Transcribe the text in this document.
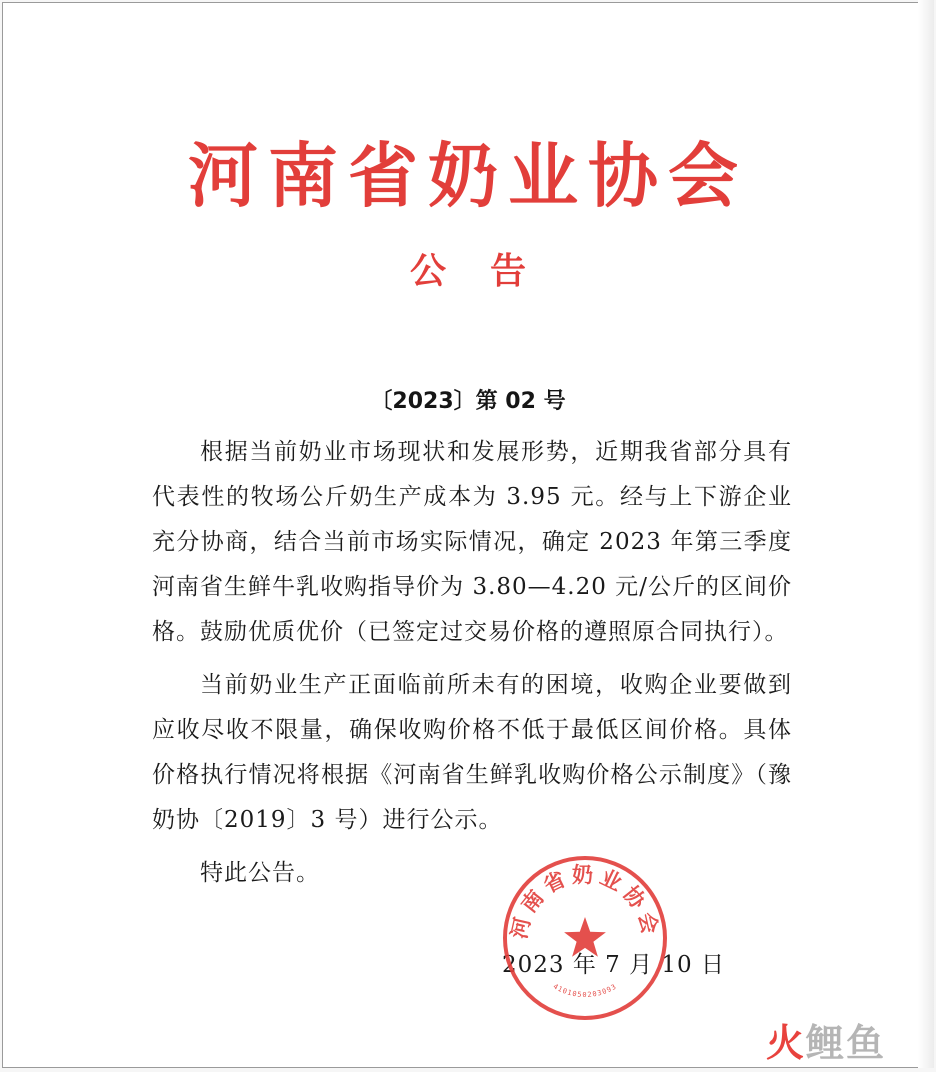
河南省奶业协会
公告
〔2023〕第 02 号
根据当前奶业市场现状和发展形势，近期我省部分具有代表性的牧场公斤奶生产成本为 3.95 元。经与上下游企业充分协商，结合当前市场实际情况，确定 2023 年第三季度河南省生鲜牛乳收购指导价为 3.80—4.20 元/公斤的区间价格。鼓励优质优价（已签定过交易价格的遵照原合同执行）。
当前奶业生产正面临前所未有的困境，收购企业要做到应收尽收不限量，确保收购价格不低于最低区间价格。具体价格执行情况将根据《河南省生鲜乳收购价格公示制度》（豫奶协〔2019〕3 号）进行公示。
特此公告。
2023 年 7 月 10 日
河南省奶业协会
4101050203093
火鲤鱼
